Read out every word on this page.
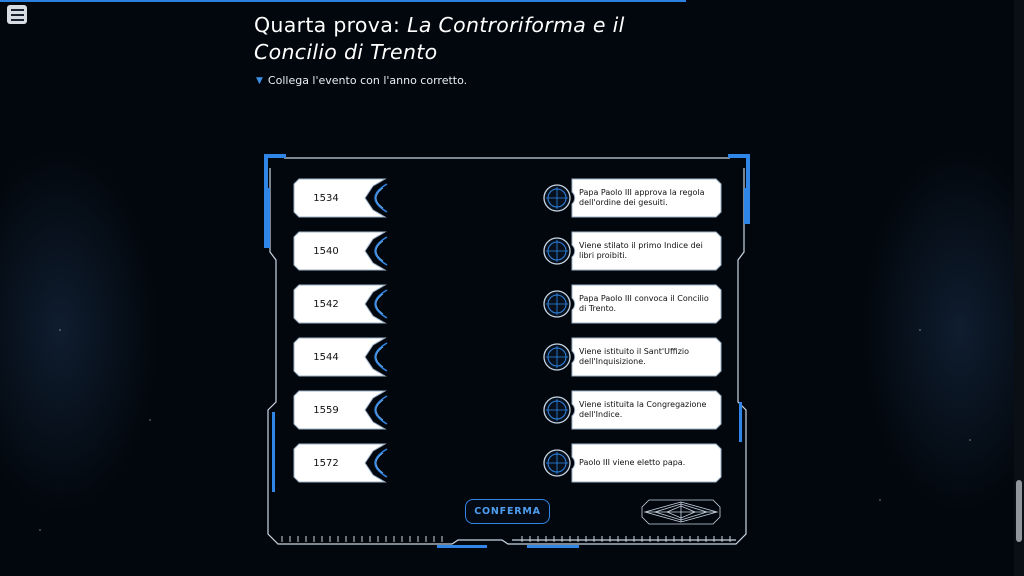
Quarta prova: La Controriforma e il Concilio di Trento
▼ Collega l'evento con l'anno corretto.
1534
1540
1542
1544
1559
1572
Papa Paolo III approva la regola dell'ordine dei gesuiti.
Viene stilato il primo Indice dei libri proibiti.
Papa Paolo III convoca il Concilio di Trento.
Viene istituito il Sant'Uffizio dell'Inquisizione.
Viene istituita la Congregazione dell'Indice.
Paolo III viene eletto papa.
CONFERMA
